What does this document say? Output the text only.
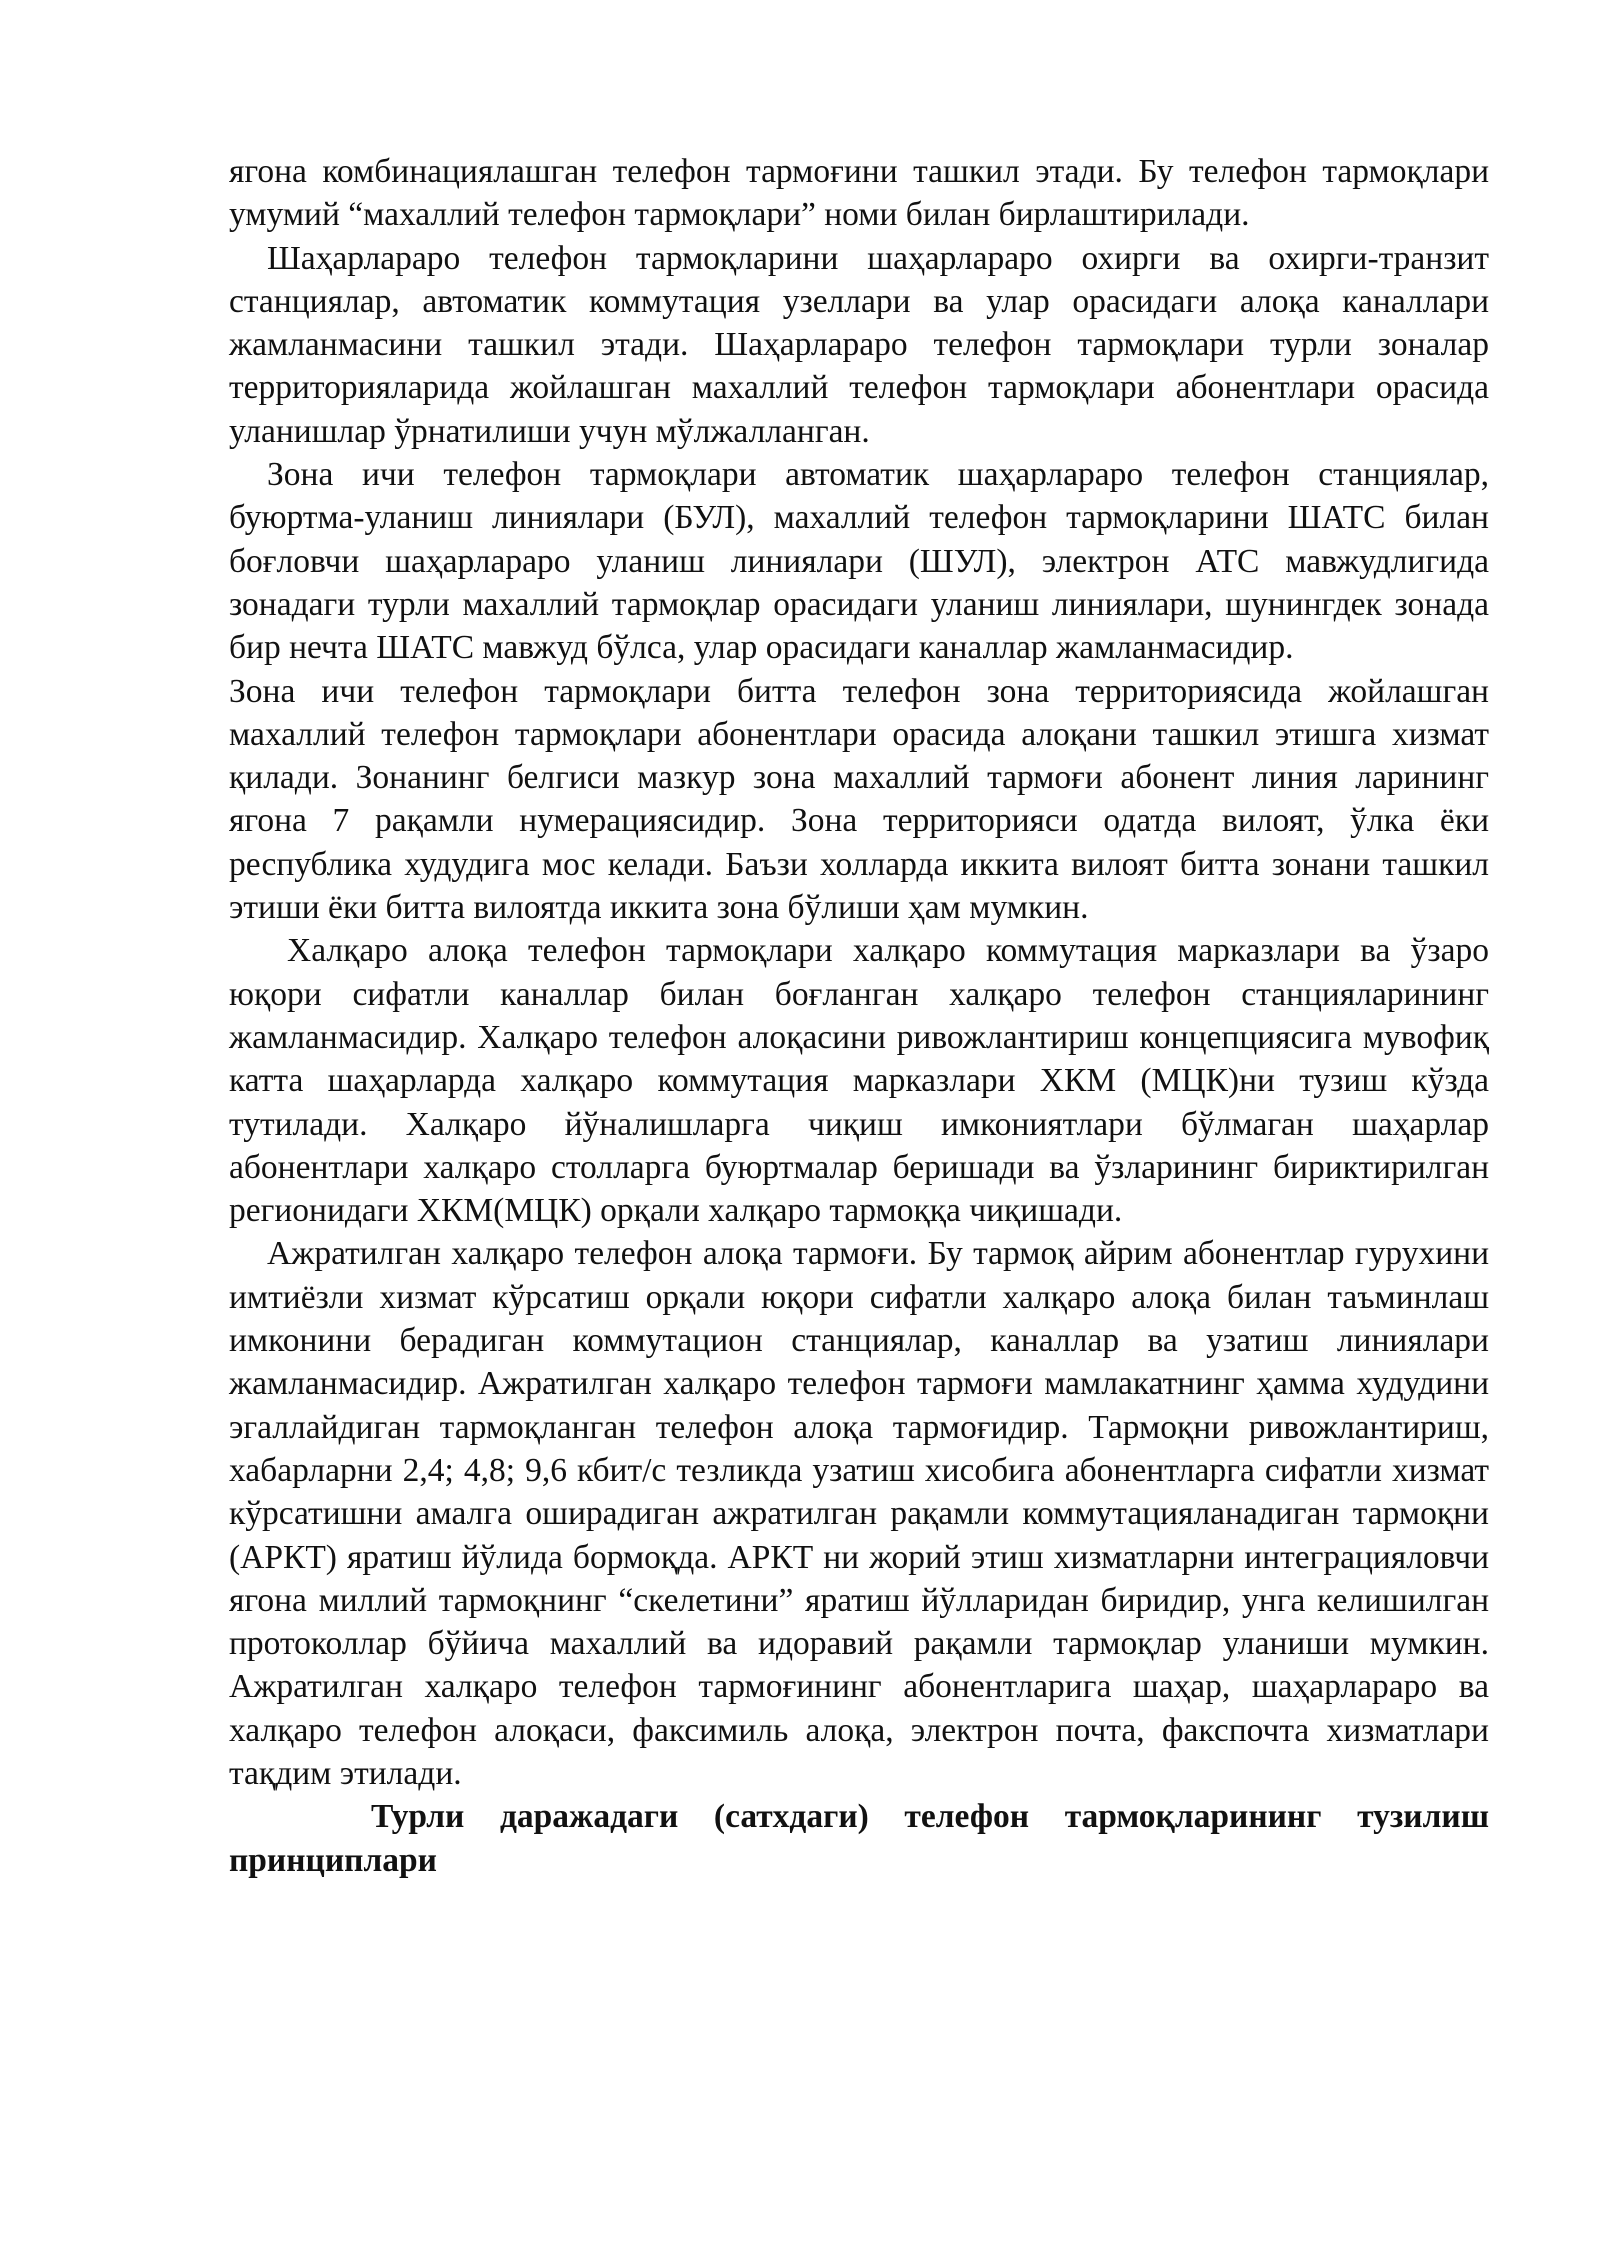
ягона комбинациялашган телефон тармоғини ташкил этади. Бу телефон тармоқлари умумий “махаллий телефон тармоқлари” номи билан бирлаштирилади.

Шаҳарлараро телефон тармоқларини шаҳарлараро охирги ва охирги-транзит станциялар, автоматик коммутация узеллари ва улар орасидаги алоқа каналлари жамланмасини ташкил этади. Шаҳарлараро телефон тармоқлари турли зоналар территорияларида жойлашган махаллий телефон тармоқлари абонентлари орасида уланишлар ўрнатилиши учун мўлжалланган.

Зона ичи телефон тармоқлари автоматик шаҳарлараро телефон станциялар, буюртма-уланиш линиялари (БУЛ), махаллий телефон тармоқларини ШАТС билан боғловчи шаҳарлараро уланиш линиялари (ШУЛ), электрон АТС мавжудлигида зонадаги турли махаллий тармоқлар орасидаги уланиш линиялари, шунингдек зонада бир нечта ШАТС мавжуд бўлса, улар орасидаги каналлар жамланмасидир.

Зона ичи телефон тармоқлари битта телефон зона территориясида жойлашган махаллий телефон тармоқлари абонентлари орасида алоқани ташкил этишга хизмат қилади. Зонанинг белгиси мазкур зона махаллий тармоғи абонент линия ларининг ягона 7 рақамли нумерациясидир. Зона территорияси одатда вилоят, ўлка ёки республика худудига мос келади. Баъзи холларда иккита вилоят битта зонани ташкил этиши ёки битта вилоятда иккита зона бўлиши ҳам мумкин.

Халқаро алоқа телефон тармоқлари халқаро коммутация марказлари ва ўзаро юқори сифатли каналлар билан боғланган халқаро телефон станцияларининг жамланмасидир. Халқаро телефон алоқасини ривожлантириш концепциясига мувофиқ катта шаҳарларда халқаро коммутация марказлари ХКМ (МЦК)ни тузиш кўзда тутилади. Халқаро йўналишларга чиқиш имкониятлари бўлмаган шаҳарлар абонентлари халқаро столларга буюртмалар беришади ва ўзларининг бириктирилган регионидаги ХКМ(МЦК) орқали халқаро тармоққа чиқишади.

Ажратилган халқаро телефон алоқа тармоғи. Бу тармоқ айрим абонентлар гурухини имтиёзли хизмат кўрсатиш орқали юқори сифатли халқаро алоқа билан таъминлаш имконини берадиган коммутацион станциялар, каналлар ва узатиш линиялари жамланмасидир. Ажратилган халқаро телефон тармоғи мамлакатнинг ҳамма худудини эгаллайдиган тармоқланган телефон алоқа тармоғидир. Тармоқни ривожлантириш, хабарларни 2,4; 4,8; 9,6 кбит/с тезликда узатиш хисобига абонентларга сифатли хизмат кўрсатишни амалга оширадиган ажратилган рақамли коммутацияланадиган тармоқни (АРКТ) яратиш йўлида бормоқда. АРКТ ни жорий этиш хизматларни интеграцияловчи ягона миллий тармоқнинг “скелетини” яратиш йўлларидан биридир, унга келишилган протоколлар бўйича махаллий ва идоравий рақамли тармоқлар уланиши мумкин. Ажратилган халқаро телефон тармоғининг абонентларига шаҳар, шаҳарлараро ва халқаро телефон алоқаси, факсимиль алоқа, электрон почта, факспочта хизматлари тақдим этилади.

Турли даражадаги (сатхдаги) телефон тармоқларининг тузилиш принциплари
